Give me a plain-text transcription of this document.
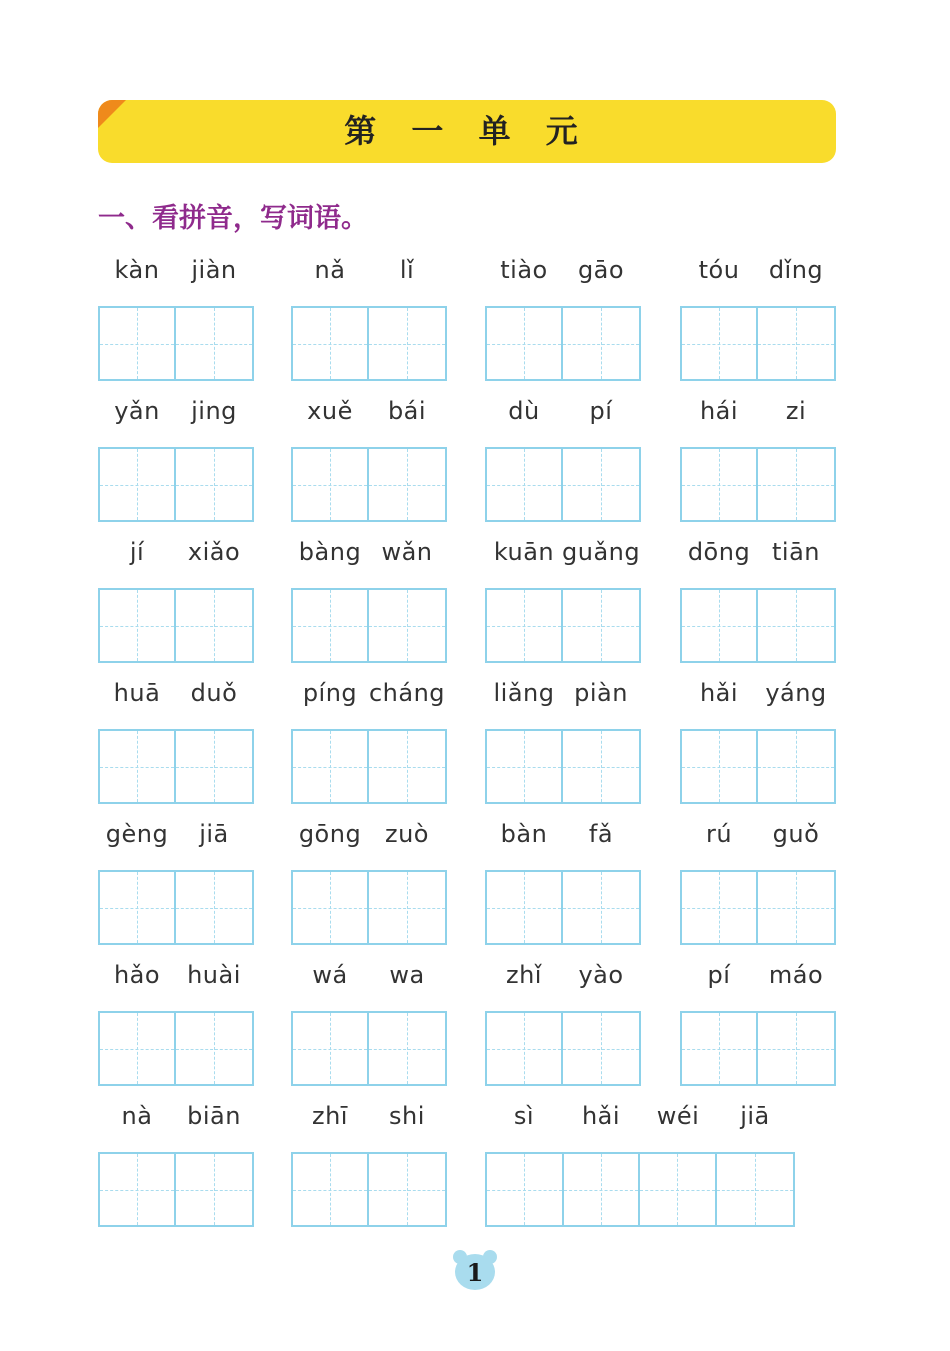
第 一 单 元
一、看拼音，写词语。
kàn	jiàn	nǎ	lǐ	tiào	gāo	tóu	dǐng
yǎn	jing	xuě	bái	dù	pí	hái	zi
jí	xiǎo	bàng wǎn	kuān guǎng	dōng tiān
huā	duǒ	píng cháng	liǎng piàn	hǎi	yáng
gèng	jiā	gōng zuò	bàn	fǎ	rú	guǒ
hǎo	huài	wá	wa	zhǐ	yào	pí	máo
nà	biān	zhī	shi	sì	hǎi	wéi	jiā
1
